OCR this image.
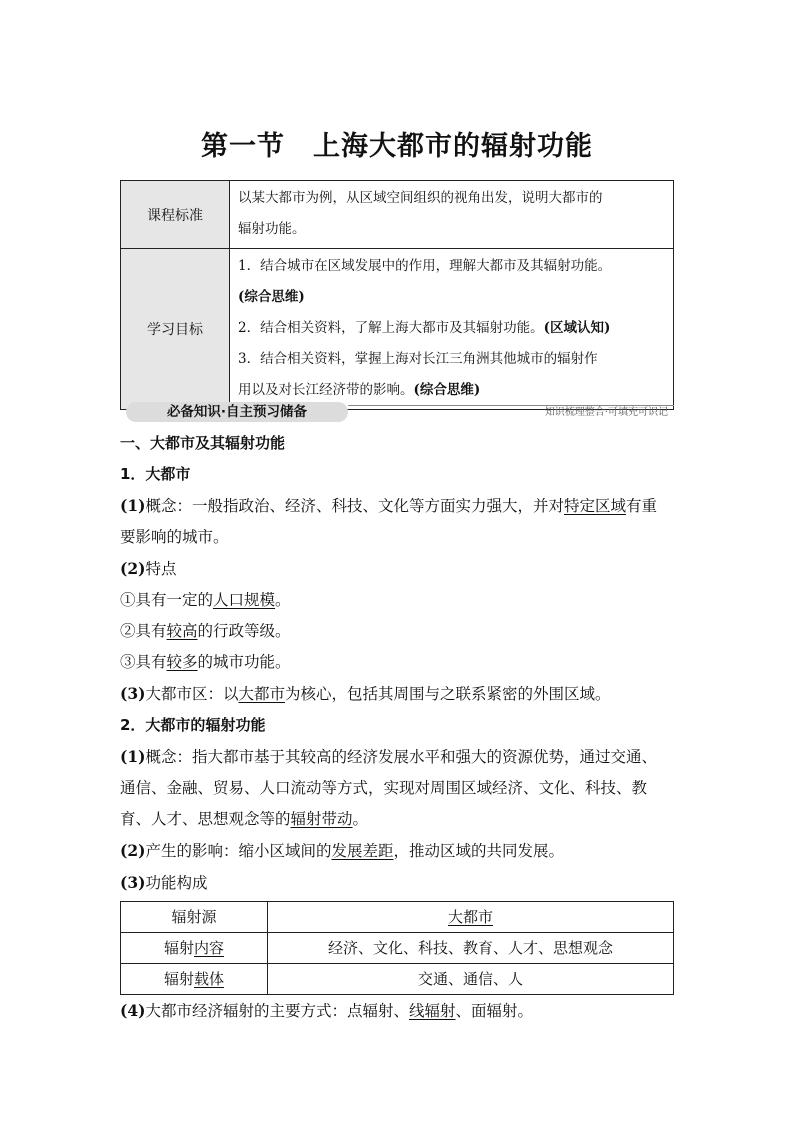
第一节　上海大都市的辐射功能
课程标准	以某大都市为例，从区域空间组织的视角出发，说明大都市的
辐射功能。

学习目标	1．结合城市在区域发展中的作用，理解大都市及其辐射功能。
(综合思维)
2．结合相关资料，了解上海大都市及其辐射功能。(区域认知)
3．结合相关资料，掌握上海对长江三角洲其他城市的辐射作
用以及对长江经济带的影响。(综合思维)
必备知识·自主预习储备	知识梳理整合·可填充可识记

一、大都市及其辐射功能

1．大都市

(1)概念：一般指政治、经济、科技、文化等方面实力强大，并对特定区域有重

要影响的城市。

(2)特点

①具有一定的人口规模。

②具有较高的行政等级。

③具有较多的城市功能。

(3)大都市区：以大都市为核心，包括其周围与之联系紧密的外围区域。

2．大都市的辐射功能

(1)概念：指大都市基于其较高的经济发展水平和强大的资源优势，通过交通、

通信、金融、贸易、人口流动等方式，实现对周围区域经济、文化、科技、教

育、人才、思想观念等的辐射带动。

(2)产生的影响：缩小区域间的发展差距，推动区域的共同发展。

(3)功能构成

辐射源	大都市
辐射内容	经济、文化、科技、教育、人才、思想观念
辐射载体	交通、通信、人

(4)大都市经济辐射的主要方式：点辐射、线辐射、面辐射。
